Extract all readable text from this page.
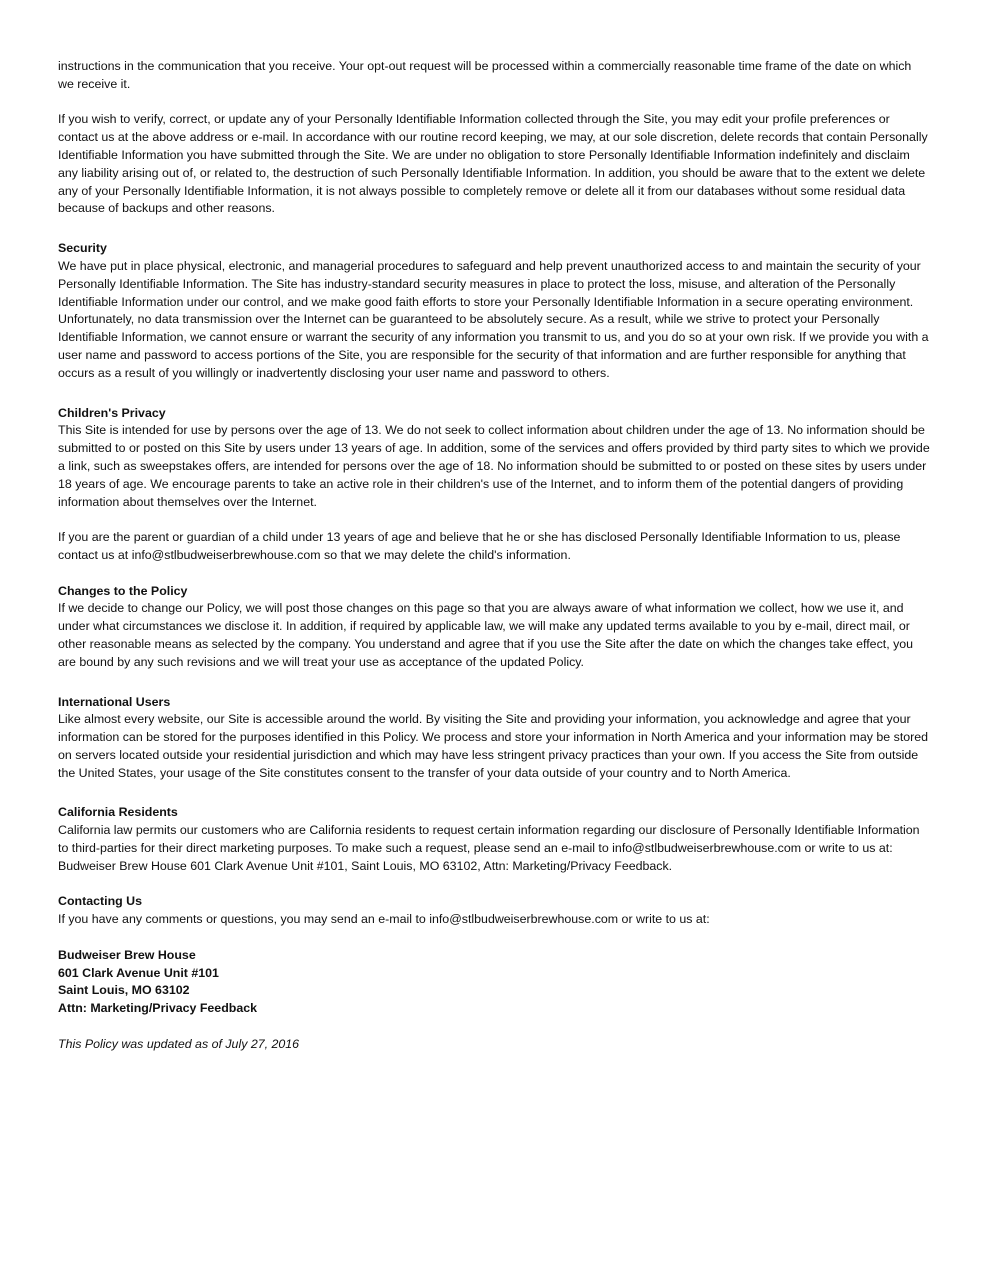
instructions in the communication that you receive. Your opt-out request will be processed within a commercially reasonable time frame of the date on which we receive it.

If you wish to verify, correct, or update any of your Personally Identifiable Information collected through the Site, you may edit your profile preferences or contact us at the above address or e-mail. In accordance with our routine record keeping, we may, at our sole discretion, delete records that contain Personally Identifiable Information you have submitted through the Site. We are under no obligation to store Personally Identifiable Information indefinitely and disclaim any liability arising out of, or related to, the destruction of such Personally Identifiable Information. In addition, you should be aware that to the extent we delete any of your Personally Identifiable Information, it is not always possible to completely remove or delete all it from our databases without some residual data because of backups and other reasons.

Security

We have put in place physical, electronic, and managerial procedures to safeguard and help prevent unauthorized access to and maintain the security of your Personally Identifiable Information. The Site has industry-standard security measures in place to protect the loss, misuse, and alteration of the Personally Identifiable Information under our control, and we make good faith efforts to store your Personally Identifiable Information in a secure operating environment. Unfortunately, no data transmission over the Internet can be guaranteed to be absolutely secure. As a result, while we strive to protect your Personally Identifiable Information, we cannot ensure or warrant the security of any information you transmit to us, and you do so at your own risk. If we provide you with a user name and password to access portions of the Site, you are responsible for the security of that information and are further responsible for anything that occurs as a result of you willingly or inadvertently disclosing your user name and password to others.

Children's Privacy

This Site is intended for use by persons over the age of 13. We do not seek to collect information about children under the age of 13. No information should be submitted to or posted on this Site by users under 13 years of age. In addition, some of the services and offers provided by third party sites to which we provide a link, such as sweepstakes offers, are intended for persons over the age of 18. No information should be submitted to or posted on these sites by users under 18 years of age. We encourage parents to take an active role in their children's use of the Internet, and to inform them of the potential dangers of providing information about themselves over the Internet.

If you are the parent or guardian of a child under 13 years of age and believe that he or she has disclosed Personally Identifiable Information to us, please contact us at info@stlbudweiserbrewhouse.com so that we may delete the child's information.

Changes to the Policy

If we decide to change our Policy, we will post those changes on this page so that you are always aware of what information we collect, how we use it, and under what circumstances we disclose it. In addition, if required by applicable law, we will make any updated terms available to you by e-mail, direct mail, or other reasonable means as selected by the company. You understand and agree that if you use the Site after the date on which the changes take effect, you are bound by any such revisions and we will treat your use as acceptance of the updated Policy.

International Users

Like almost every website, our Site is accessible around the world. By visiting the Site and providing your information, you acknowledge and agree that your information can be stored for the purposes identified in this Policy. We process and store your information in North America and your information may be stored on servers located outside your residential jurisdiction and which may have less stringent privacy practices than your own. If you access the Site from outside the United States, your usage of the Site constitutes consent to the transfer of your data outside of your country and to North America.

California Residents

California law permits our customers who are California residents to request certain information regarding our disclosure of Personally Identifiable Information to third-parties for their direct marketing purposes. To make such a request, please send an e-mail to info@stlbudweiserbrewhouse.com or write to us at: Budweiser Brew House 601 Clark Avenue Unit #101, Saint Louis, MO 63102, Attn: Marketing/Privacy Feedback.

Contacting Us

If you have any comments or questions, you may send an e-mail to info@stlbudweiserbrewhouse.com or write to us at:

Budweiser Brew House
601 Clark Avenue Unit #101
Saint Louis, MO 63102
Attn: Marketing/Privacy Feedback

This Policy was updated as of July 27, 2016
